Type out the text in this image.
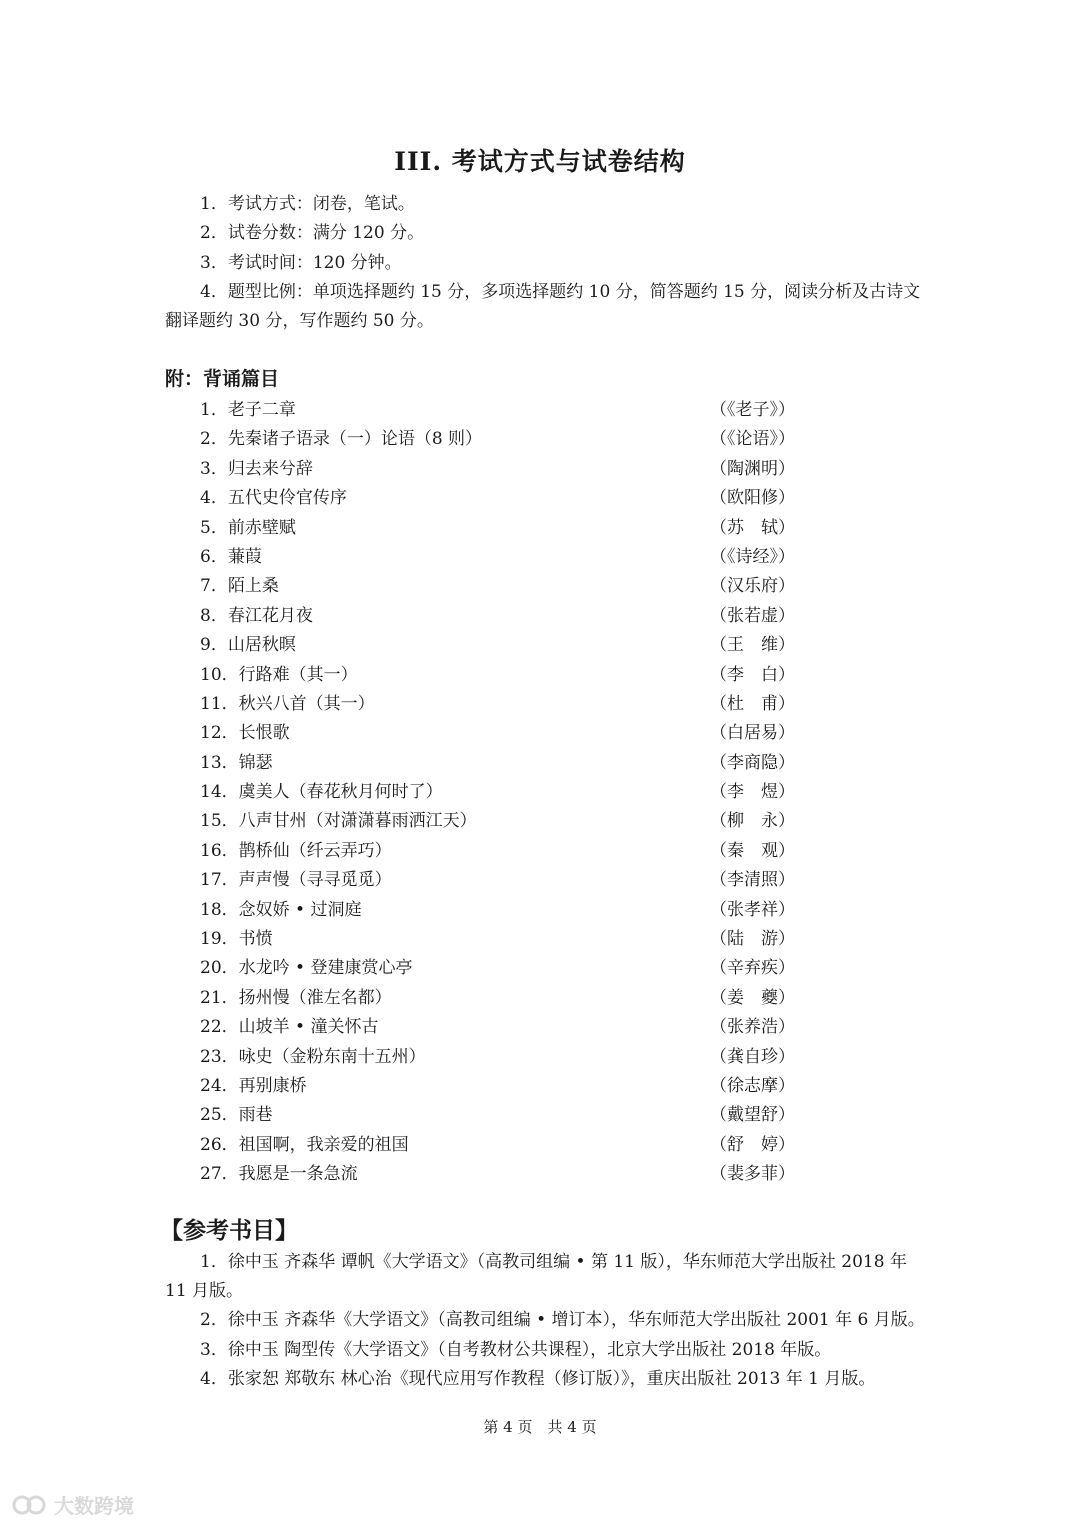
III. 考试方式与试卷结构
1．考试方式：闭卷，笔试。
2．试卷分数：满分 120 分。
3．考试时间：120 分钟。
4．题型比例：单项选择题约 15 分，多项选择题约 10 分，简答题约 15 分，阅读分析及古诗文翻译题约 30 分，写作题约 50 分。
附：背诵篇目
1．老子二章	（《老子》）
2．先秦诸子语录（一）论语（8 则）	（《论语》）
3．归去来兮辞	（陶渊明）
4．五代史伶官传序	（欧阳修）
5．前赤壁赋	（苏　轼）
6．蒹葭	（《诗经》）
7．陌上桑	（汉乐府）
8．春江花月夜	（张若虚）
9．山居秋暝	（王　维）
10．行路难（其一）	（李　白）
11．秋兴八首（其一）	（杜　甫）
12．长恨歌	（白居易）
13．锦瑟	（李商隐）
14．虞美人（春花秋月何时了）	（李　煜）
15．八声甘州（对潇潇暮雨洒江天）	（柳　永）
16．鹊桥仙（纤云弄巧）	（秦　观）
17．声声慢（寻寻觅觅）	（李清照）
18．念奴娇 • 过洞庭	（张孝祥）
19．书愤	（陆　游）
20．水龙吟 • 登建康赏心亭	（辛弃疾）
21．扬州慢（淮左名都）	（姜　夔）
22．山坡羊 • 潼关怀古	（张养浩）
23．咏史（金粉东南十五州）	（龚自珍）
24．再别康桥	（徐志摩）
25．雨巷	（戴望舒）
26．祖国啊，我亲爱的祖国	（舒　婷）
27．我愿是一条急流	（裴多菲）
【参考书目】
1．徐中玉 齐森华 谭帆《大学语文》（高教司组编 • 第 11 版），华东师范大学出版社 2018 年 11 月版。
2．徐中玉 齐森华《大学语文》（高教司组编 • 增订本），华东师范大学出版社 2001 年 6 月版。
3．徐中玉 陶型传《大学语文》（自考教材公共课程），北京大学出版社 2018 年版。
4．张家恕 郑敬东 林心治《现代应用写作教程（修订版）》，重庆出版社 2013 年 1 月版。
第 4 页　共 4 页
大数跨境
